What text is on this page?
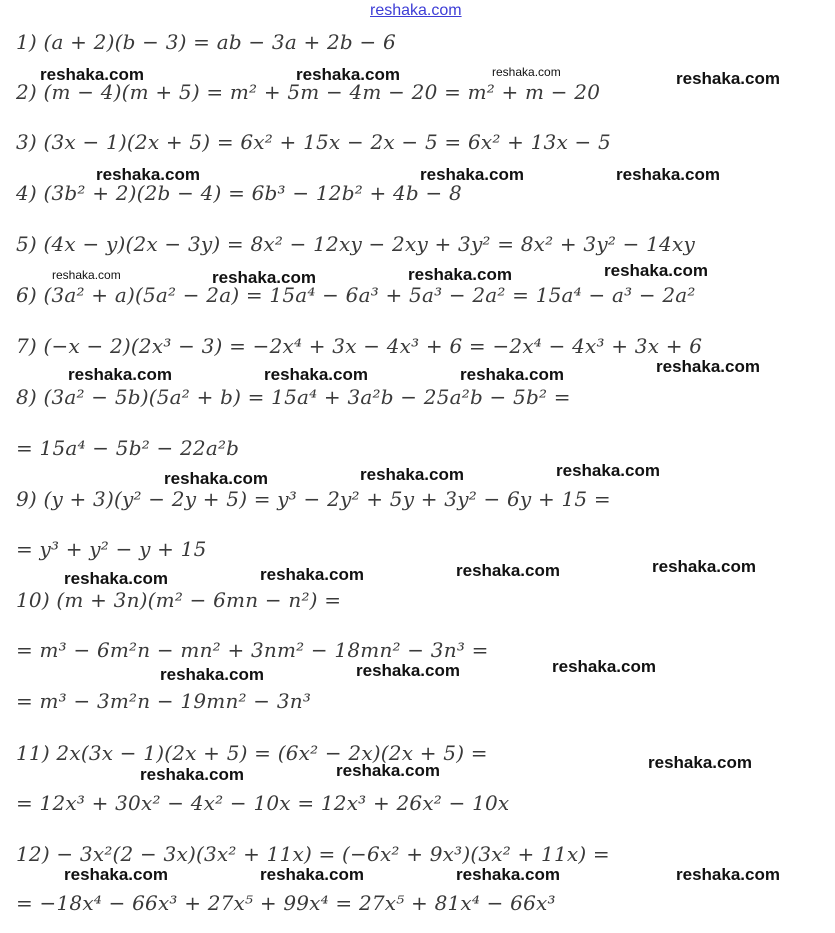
reshaka.com
1) (a + 2)(b − 3) = ab − 3a + 2b − 6
2) (m − 4)(m + 5) = m² + 5m − 4m − 20 = m² + m − 20
3) (3x − 1)(2x + 5) = 6x² + 15x − 2x − 5 = 6x² + 13x − 5
4) (3b² + 2)(2b − 4) = 6b³ − 12b² + 4b − 8
5) (4x − y)(2x − 3y) = 8x² − 12xy − 2xy + 3y² = 8x² + 3y² − 14xy
6) (3a² + a)(5a² − 2a) = 15a⁴ − 6a³ + 5a³ − 2a² = 15a⁴ − a³ − 2a²
7) (−x − 2)(2x³ − 3) = −2x⁴ + 3x − 4x³ + 6 = −2x⁴ − 4x³ + 3x + 6
8) (3a² − 5b)(5a² + b) = 15a⁴ + 3a²b − 25a²b − 5b² =
= 15a⁴ − 5b² − 22a²b
9) (y + 3)(y² − 2y + 5) = y³ − 2y² + 5y + 3y² − 6y + 15 =
= y³ + y² − y + 15
10) (m + 3n)(m² − 6mn − n²) =
= m³ − 6m²n − mn² + 3nm² − 18mn² − 3n³ =
= m³ − 3m²n − 19mn² − 3n³
11) 2x(3x − 1)(2x + 5) = (6x² − 2x)(2x + 5) =
= 12x³ + 30x² − 4x² − 10x = 12x³ + 26x² − 10x
12) − 3x²(2 − 3x)(3x² + 11x) = (−6x² + 9x³)(3x² + 11x) =
= −18x⁴ − 66x³ + 27x⁵ + 99x⁴ = 27x⁵ + 81x⁴ − 66x³
reshaka.com	reshaka.com	reshaka.com	reshaka.com
reshaka.com	reshaka.com	reshaka.com
reshaka.com	reshaka.com	reshaka.com	reshaka.com
reshaka.com	reshaka.com	reshaka.com	reshaka.com
reshaka.com	reshaka.com	reshaka.com
reshaka.com	reshaka.com	reshaka.com	reshaka.com
reshaka.com	reshaka.com	reshaka.com
reshaka.com	reshaka.com	reshaka.com
reshaka.com	reshaka.com	reshaka.com	reshaka.com
